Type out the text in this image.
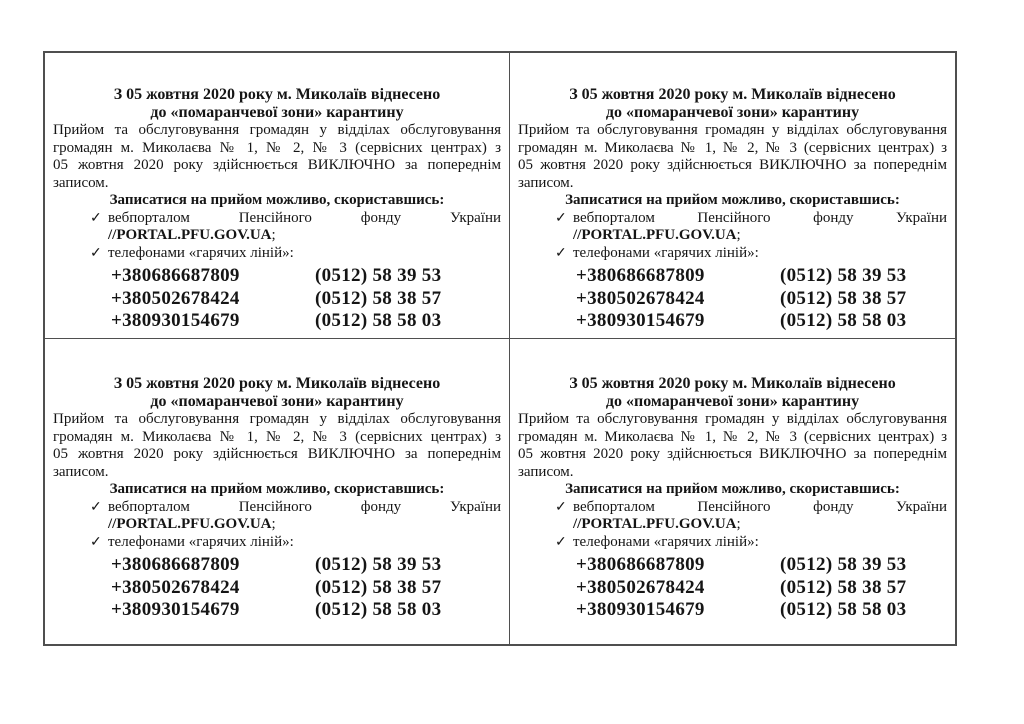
З 05 жовтня 2020 року м. Миколаїв віднесено
до «помаранчевої зони» карантину

Прийом та обслуговування громадян у відділах обслуговування
громадян м. Миколаєва № 1, № 2, № 3 (сервісних центрах) з
05 жовтня 2020 року здійснюється ВИКЛЮЧНО за попереднім
записом.

Записатися на прийом можливо, скориставшись:

✓ вебпорталом Пенсійного фонду України
//PORTAL.PFU.GOV.UA;
✓ телефонами «гарячих ліній»:
+380686687809	(0512) 58 39 53
+380502678424	(0512) 58 38 57
+380930154679	(0512) 58 58 03
З 05 жовтня 2020 року м. Миколаїв віднесено
до «помаранчевої зони» карантину

Прийом та обслуговування громадян у відділах обслуговування
громадян м. Миколаєва № 1, № 2, № 3 (сервісних центрах) з
05 жовтня 2020 року здійснюється ВИКЛЮЧНО за попереднім
записом.

Записатися на прийом можливо, скориставшись:

✓ вебпорталом Пенсійного фонду України
//PORTAL.PFU.GOV.UA;
✓ телефонами «гарячих ліній»:
+380686687809	(0512) 58 39 53
+380502678424	(0512) 58 38 57
+380930154679	(0512) 58 58 03
З 05 жовтня 2020 року м. Миколаїв віднесено
до «помаранчевої зони» карантину

Прийом та обслуговування громадян у відділах обслуговування
громадян м. Миколаєва № 1, № 2, № 3 (сервісних центрах) з
05 жовтня 2020 року здійснюється ВИКЛЮЧНО за попереднім
записом.

Записатися на прийом можливо, скориставшись:

✓ вебпорталом Пенсійного фонду України
//PORTAL.PFU.GOV.UA;
✓ телефонами «гарячих ліній»:
+380686687809	(0512) 58 39 53
+380502678424	(0512) 58 38 57
+380930154679	(0512) 58 58 03
З 05 жовтня 2020 року м. Миколаїв віднесено
до «помаранчевої зони» карантину

Прийом та обслуговування громадян у відділах обслуговування
громадян м. Миколаєва № 1, № 2, № 3 (сервісних центрах) з
05 жовтня 2020 року здійснюється ВИКЛЮЧНО за попереднім
записом.

Записатися на прийом можливо, скориставшись:

✓ вебпорталом Пенсійного фонду України
//PORTAL.PFU.GOV.UA;
✓ телефонами «гарячих ліній»:
+380686687809	(0512) 58 39 53
+380502678424	(0512) 58 38 57
+380930154679	(0512) 58 58 03
